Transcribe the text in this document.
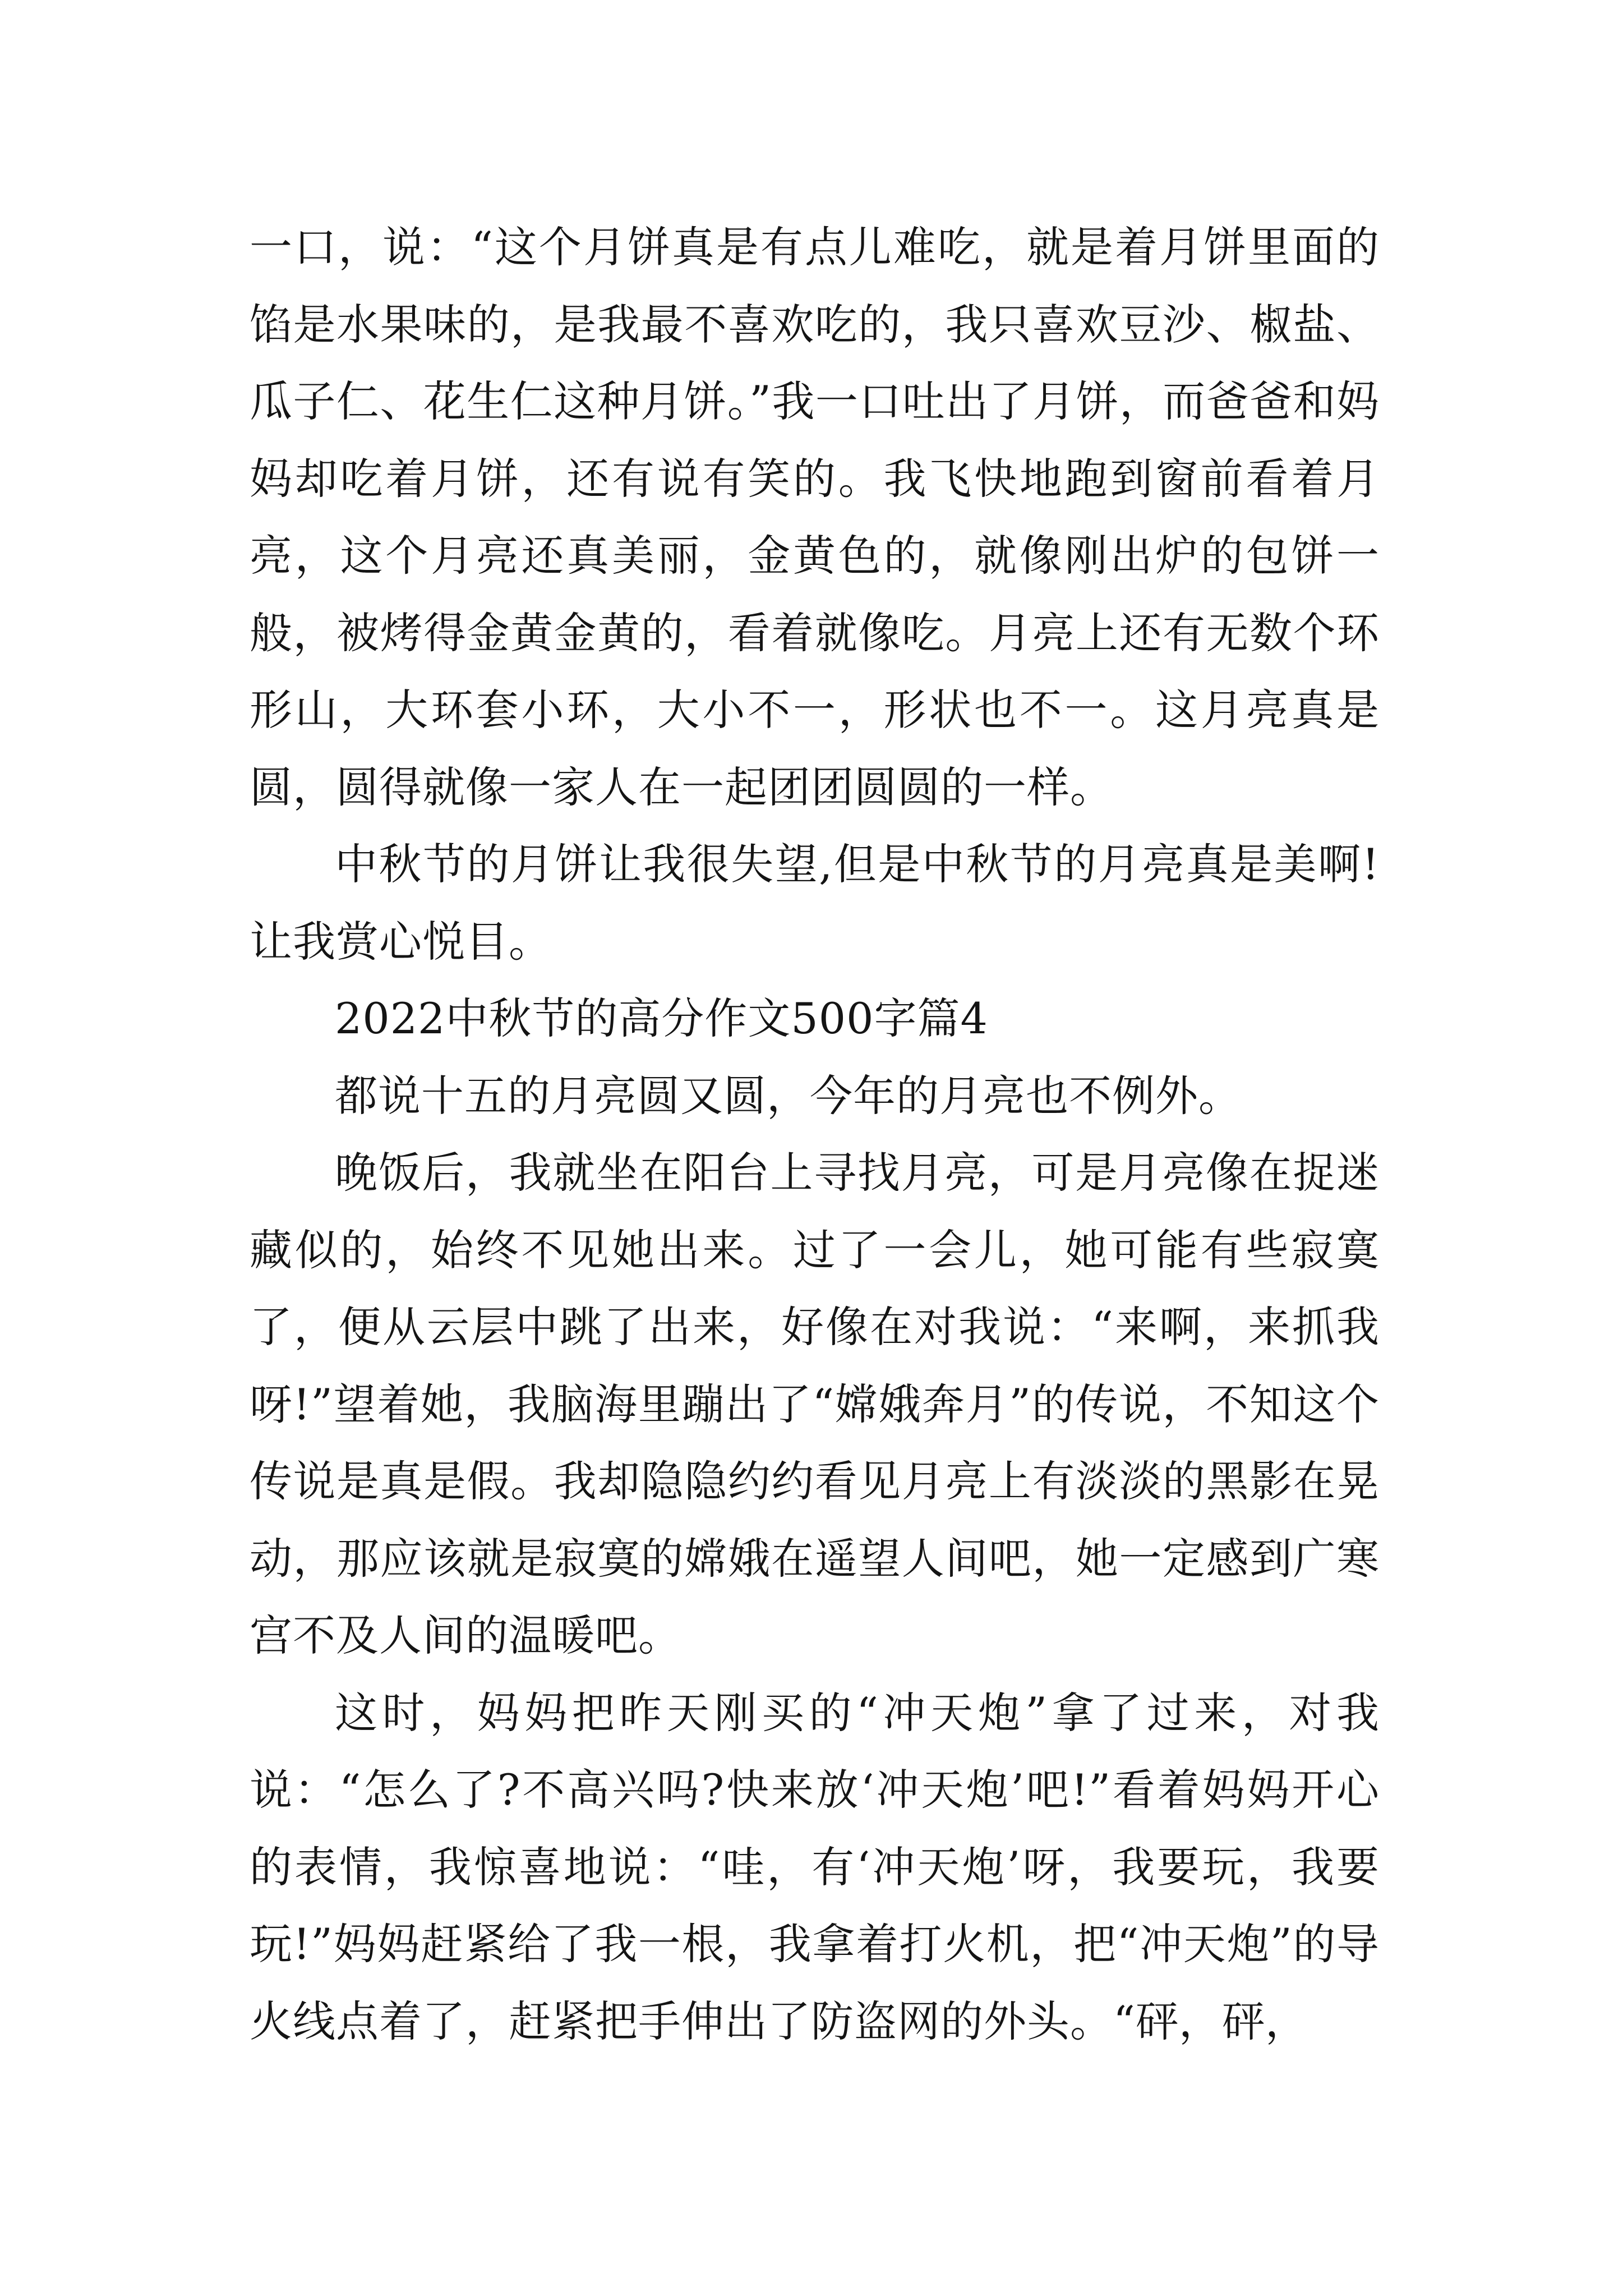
一口，说：“这个月饼真是有点儿难吃，就是着月饼里面的馅是水果味的，是我最不喜欢吃的，我只喜欢豆沙、椒盐、瓜子仁、花生仁这种月饼。”我一口吐出了月饼，而爸爸和妈妈却吃着月饼，还有说有笑的。我飞快地跑到窗前看着月亮，这个月亮还真美丽，金黄色的，就像刚出炉的包饼一般，被烤得金黄金黄的，看着就像吃。月亮上还有无数个环形山，大环套小环，大小不一，形状也不一。这月亮真是圆，圆得就像一家人在一起团团圆圆的一样。

中秋节的月饼让我很失望,但是中秋节的月亮真是美啊!让我赏心悦目。

2022中秋节的高分作文500字篇4

都说十五的月亮圆又圆，今年的月亮也不例外。

晚饭后，我就坐在阳台上寻找月亮，可是月亮像在捉迷藏似的，始终不见她出来。过了一会儿，她可能有些寂寞了，便从云层中跳了出来，好像在对我说：“来啊，来抓我呀!”望着她，我脑海里蹦出了“嫦娥奔月”的传说，不知这个传说是真是假。我却隐隐约约看见月亮上有淡淡的黑影在晃动，那应该就是寂寞的嫦娥在遥望人间吧，她一定感到广寒宫不及人间的温暖吧。

这时，妈妈把昨天刚买的“冲天炮”拿了过来，对我说：“怎么了?不高兴吗?快来放‘冲天炮’吧!”看着妈妈开心的表情，我惊喜地说：“哇，有‘冲天炮’呀，我要玩，我要玩!”妈妈赶紧给了我一根，我拿着打火机，把“冲天炮”的导火线点着了，赶紧把手伸出了防盗网的外头。“砰，砰，
